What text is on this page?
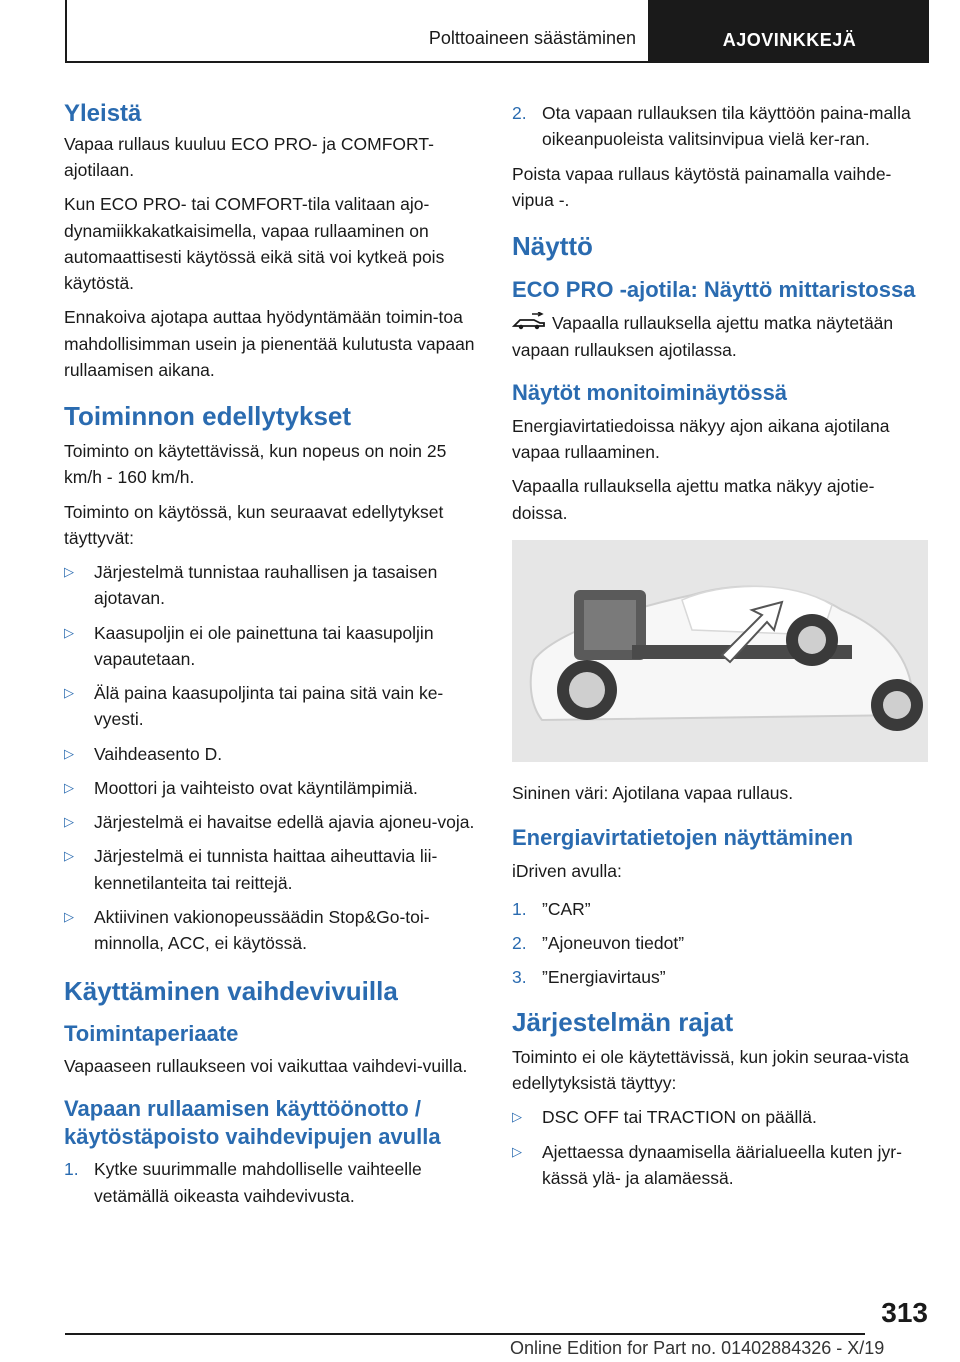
Polttoaineen säästäminen	AJOVINKKEJÄ
Yleistä

Vapaa rullaus kuuluu ECO PRO- ja COMFORT-ajotilaan.

Kun ECO PRO- tai COMFORT-tila valitaan ajo-dynamiikkakatkaisimella, vapaa rullaaminen on automaattisesti käytössä eikä sitä voi kytkeä pois käytöstä.

Ennakoiva ajotapa auttaa hyödyntämään toimin-toa mahdollisimman usein ja pienentää kulutusta vapaan rullaamisen aikana.

Toiminnon edellytykset

Toiminto on käytettävissä, kun nopeus on noin 25 km/h - 160 km/h.

Toiminto on käytössä, kun seuraavat edellytykset täyttyvät:

▷ Järjestelmä tunnistaa rauhallisen ja tasaisen ajotavan.
▷ Kaasupoljin ei ole painettuna tai kaasupoljin vapautetaan.
▷ Älä paina kaasupoljinta tai paina sitä vain ke-vyesti.
▷ Vaihdeasento D.
▷ Moottori ja vaihteisto ovat käyntilämpimiä.
▷ Järjestelmä ei havaitse edellä ajavia ajoneu-voja.
▷ Järjestelmä ei tunnista haittaa aiheuttavia lii-kennetilanteita tai reittejä.
▷ Aktiivinen vakionopeussäädin Stop&Go-toi-minnolla, ACC, ei käytössä.
Käyttäminen vaihdevivuilla
Toimintaperiaate

Vapaaseen rullaukseen voi vaikuttaa vaihdevi-vuilla.

Vapaan rullaamisen käyttöönotto / käytöstäpoisto vaihdevipujen avulla
1. Kytke suurimmalle mahdolliselle vaihteelle vetämällä oikeasta vaihdevivusta.
2. Ota vapaan rullauksen tila käyttöön paina-malla oikeanpuoleista valitsinvipua vielä ker-ran.

Poista vapaa rullaus käytöstä painamalla vaihde-vipua -.

Näyttö
ECO PRO -ajotila: Näyttö mittaristossa

Vapaalla rullauksella ajettu matka näytetään vapaan rullauksen ajotilassa.

Näytöt monitoiminäytössä

Energiavirtatiedoissa näkyy ajon aikana ajotilana vapaa rullaaminen.

Vapaalla rullauksella ajettu matka näkyy ajotie-doissa.

Sininen väri: Ajotilana vapaa rullaus.

Energiavirtatietojen näyttäminen

iDriven avulla:

1. ”CAR”
2. ”Ajoneuvon tiedot”
3. ”Energiavirtaus”
Järjestelmän rajat

Toiminto ei ole käytettävissä, kun jokin seuraa-vista edellytyksistä täyttyy:

▷ DSC OFF tai TRACTION on päällä.
▷ Ajettaessa dynaamisella äärialueella kuten jyr-kässä ylä- ja alamäessä.
313
Online Edition for Part no. 01402884326 - X/19
